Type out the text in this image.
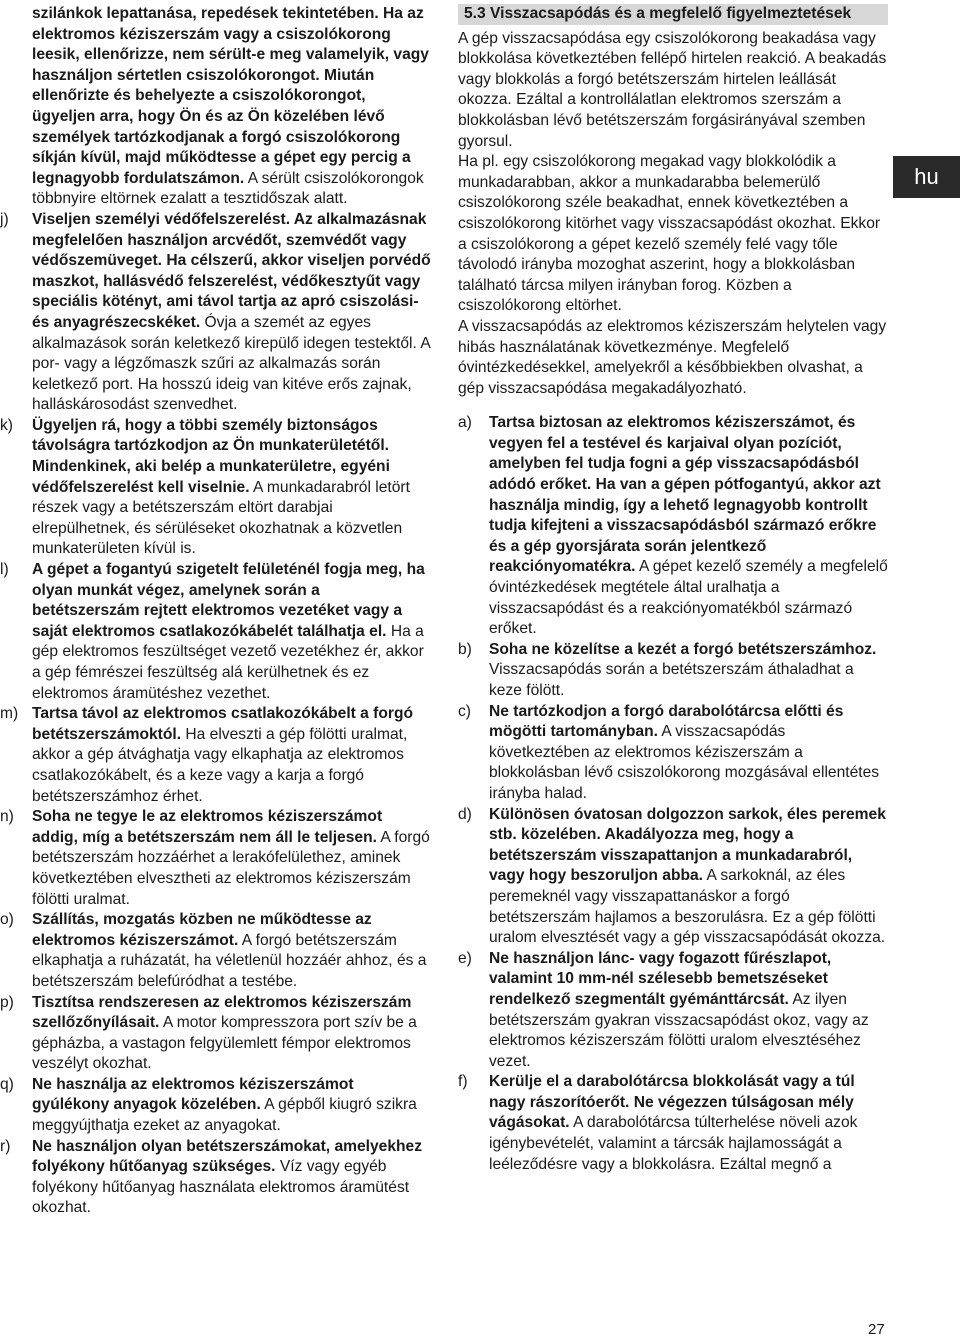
szilánkok lepattanása, repedések tekintetében. Ha az elektromos kéziszerszám vagy a csiszolókorong leesik, ellenőrizze, nem sérült-e meg valamelyik, vagy használjon sértetlen csiszolókorongot. Miután ellenőrizte és behelyezte a csiszolókorongot, ügyeljen arra, hogy Ön és az Ön közelében lévő személyek tartózkodjanak a forgó csiszolókorong síkján kívül, majd működtesse a gépet egy percig a legnagyobb fordulatszámon. A sérült csiszolókorongok többnyire eltörnek ezalatt a tesztidőszak alatt.

j) Viseljen személyi védőfelszerelést. Az alkalmazásnak megfelelően használjon arcvédőt, szemvédőt vagy védőszemüveget. Ha célszerű, akkor viseljen porvédő maszkot, hallásvédő felszerelést, védőkesztyűt vagy speciális kötényt, ami távol tartja az apró csiszolási- és anyagrészecskéket. Óvja a szemét az egyes alkalmazások során keletkező kirepülő idegen testektől. A por- vagy a légzőmaszk szűri az alkalmazás során keletkező port. Ha hosszú ideig van kitéve erős zajnak, halláskárosodást szenvedhet.
k) Ügyeljen rá, hogy a többi személy biztonságos távolságra tartózkodjon az Ön munkaterületétől. Mindenkinek, aki belép a munkaterületre, egyéni védőfelszerelést kell viselnie. A munkadarabról letört részek vagy a betétszerszám eltört darabjai elrepülhetnek, és sérüléseket okozhatnak a közvetlen munkaterületen kívül is.
l) A gépet a fogantyú szigetelt felületénél fogja meg, ha olyan munkát végez, amelynek során a betétszerszám rejtett elektromos vezetéket vagy a saját elektromos csatlakozókábelét találhatja el. Ha a gép elektromos feszültséget vezető vezetékhez ér, akkor a gép fémrészei feszültség alá kerülhetnek és ez elektromos áramütéshez vezethet.
m) Tartsa távol az elektromos csatlakozókábelt a forgó betétszerszámoktól. Ha elveszti a gép fölötti uralmat, akkor a gép átvághatja vagy elkaphatja az elektromos csatlakozókábelt, és a keze vagy a karja a forgó betétszerszámhoz érhet.
n) Soha ne tegye le az elektromos kéziszerszámot addig, míg a betétszerszám nem áll le teljesen. A forgó betétszerszám hozzáérhet a lerakófelülethez, aminek következtében elvesztheti az elektromos kéziszerszám fölötti uralmat.
o) Szállítás, mozgatás közben ne működtesse az elektromos kéziszerszámot. A forgó betétszerszám elkaphatja a ruházatát, ha véletlenül hozzáér ahhoz, és a betétszerszám belefúródhat a testébe.
p) Tisztítsa rendszeresen az elektromos kéziszerszám szellőzőnyílásait. A motor kompresszora port szív be a gépházba, a vastagon felgyülemlett fémpor elektromos veszélyt okozhat.
q) Ne használja az elektromos kéziszerszámot gyúlékony anyagok közelében. A gépből kiugró szikra meggyújthatja ezeket az anyagokat.
r) Ne használjon olyan betétszerszámokat, amelyekhez folyékony hűtőanyag szükséges. Víz vagy egyéb folyékony hűtőanyag használata elektromos áramütést okozhat.
5.3 Visszacsapódás és a megfelelő figyelmeztetések

A gép visszacsapódása egy csiszolókorong beakadása vagy blokkolása következtében fellépő hirtelen reakció. A beakadás vagy blokkolás a forgó betétszerszám hirtelen leállását okozza. Ezáltal a kontrollálatlan elektromos szerszám a blokkolásban lévő betétszerszám forgásirányával szemben gyorsul.

Ha pl. egy csiszolókorong megakad vagy blokkolódik a munkadarabban, akkor a munkadarabba belemerülő csiszolókorong széle beakadhat, ennek következtében a csiszolókorong kitörhet vagy visszacsapódást okozhat. Ekkor a csiszolókorong a gépet kezelő személy felé vagy tőle távolodó irányba mozoghat aszerint, hogy a blokkolásban található tárcsa milyen irányban forog. Közben a csiszolókorong eltörhet.

A visszacsapódás az elektromos kéziszerszám helytelen vagy hibás használatának következménye. Megfelelő óvintézkedésekkel, amelyekről a későbbiekben olvashat, a gép visszacsapódása megakadályozható.

a) Tartsa biztosan az elektromos kéziszerszámot, és vegyen fel a testével és karjaival olyan pozíciót, amelyben fel tudja fogni a gép visszacsapódásból adódó erőket. Ha van a gépen pótfogantyú, akkor azt használja mindig, így a lehető legnagyobb kontrollt tudja kifejteni a visszacsapódásból származó erőkre és a gép gyorsjárata során jelentkező reakciónyomatékra. A gépet kezelő személy a megfelelő óvintézkedések megtétele által uralhatja a visszacsapódást és a reakciónyomatékból származó erőket.
b) Soha ne közelítse a kezét a forgó betétszerszámhoz. Visszacsapódás során a betétszerszám áthaladhat a keze fölött.
c) Ne tartózkodjon a forgó darabolótárcsa előtti és mögötti tartományban. A visszacsapódás következtében az elektromos kéziszerszám a blokkolásban lévő csiszolókorong mozgásával ellentétes irányba halad.
d) Különösen óvatosan dolgozzon sarkok, éles peremek stb. közelében. Akadályozza meg, hogy a betétszerszám visszapattanjon a munkadarabról, vagy hogy beszoruljon abba. A sarkoknál, az éles peremeknél vagy visszapattanáskor a forgó betétszerszám hajlamos a beszorulásra. Ez a gép fölötti uralom elvesztését vagy a gép visszacsapódását okozza.
e) Ne használjon lánc- vagy fogazott fűrészlapot, valamint 10 mm-nél szélesebb bemetszéseket rendelkező szegmentált gyémánttárcsát. Az ilyen betétszerszám gyakran visszacsapódást okoz, vagy az elektromos kéziszerszám fölötti uralom elvesztéséhez vezet.
f) Kerülje el a darabolótárcsa blokkolását vagy a túl nagy rászorítóerőt. Ne végezzen túlságosan mély vágásokat. A darabolótárcsa túlterhelése növeli azok igénybevételét, valamint a tárcsák hajlamosságát a leéleződésre vagy a blokkolásra. Ezáltal megnő a
hu
27
